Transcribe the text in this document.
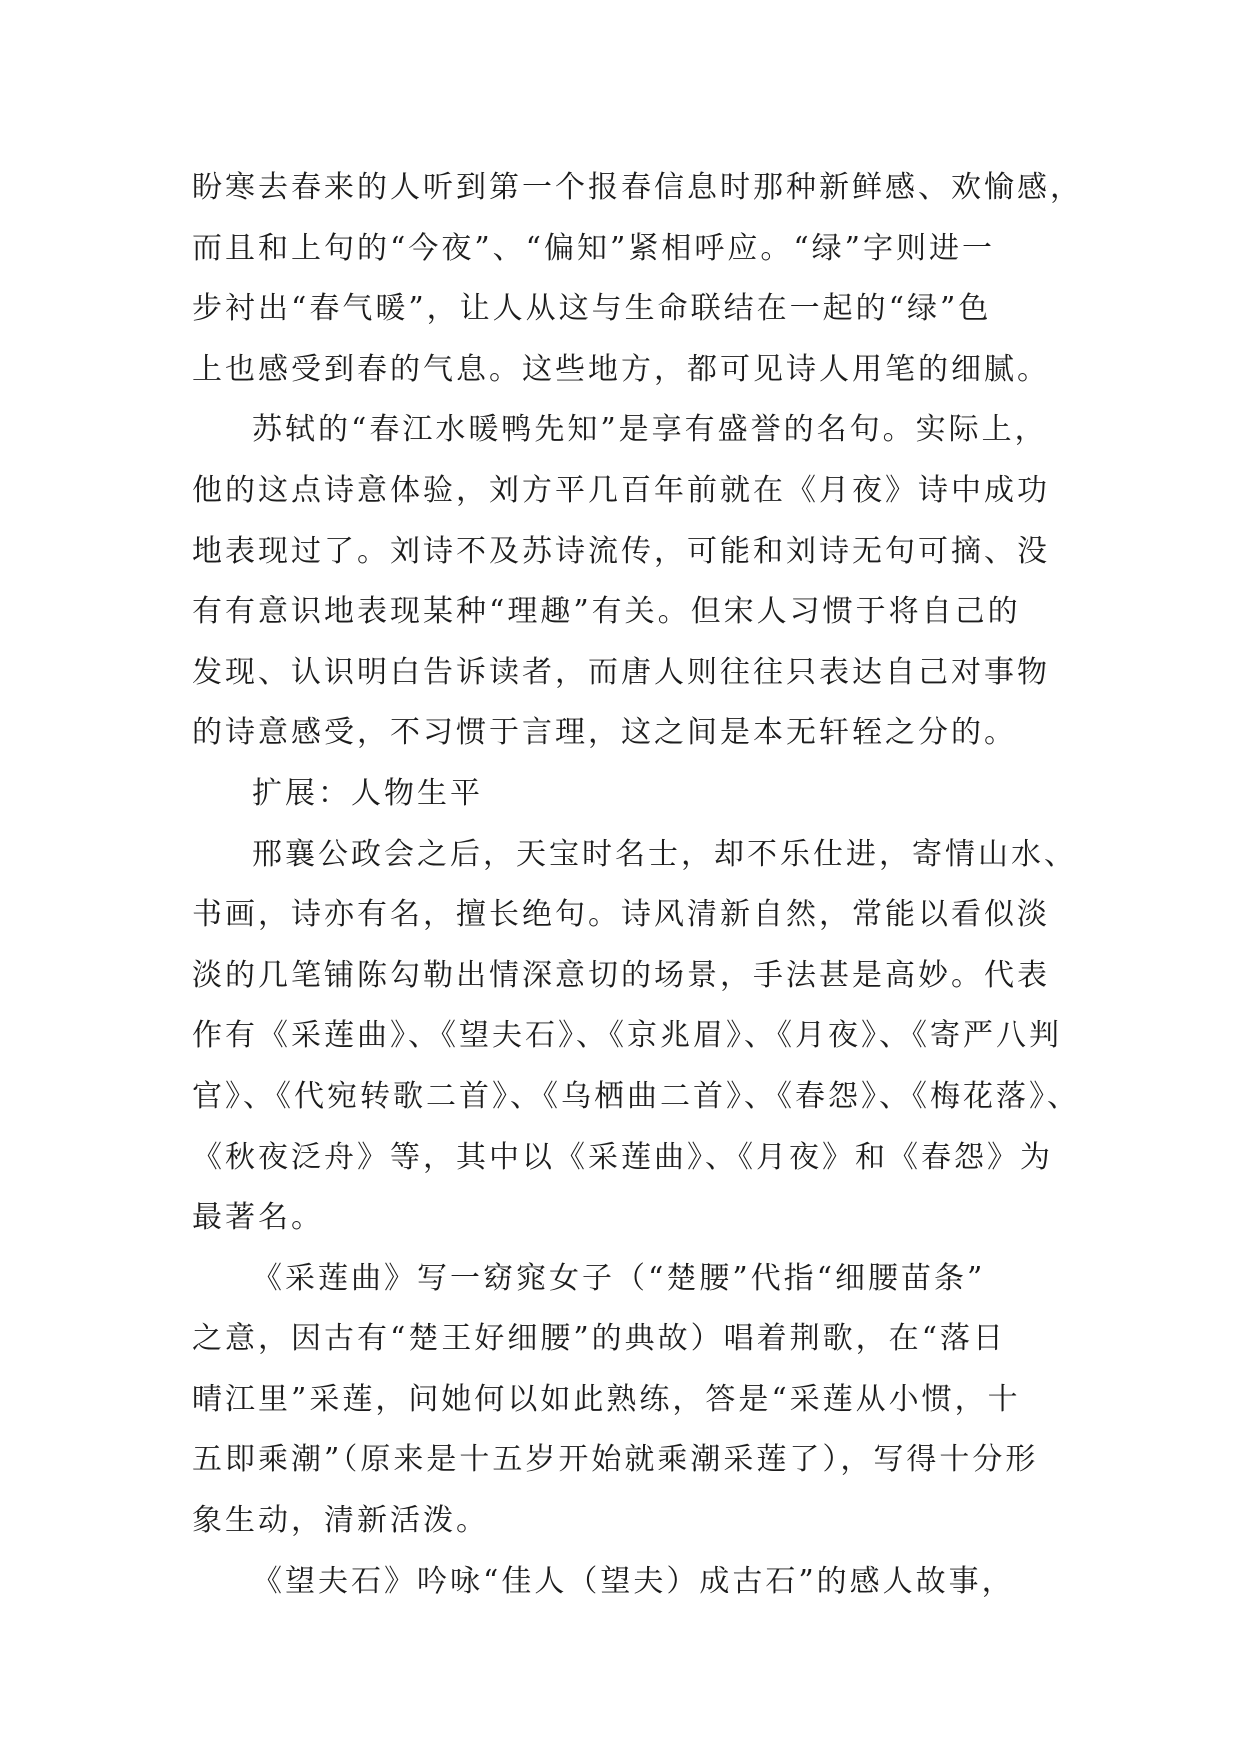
盼寒去春来的人听到第一个报春信息时那种新鲜感、欢愉感，
而且和上句的“今夜”、“偏知”紧相呼应。“绿”字则进一
步衬出“春气暖”，让人从这与生命联结在一起的“绿”色
上也感受到春的气息。这些地方，都可见诗人用笔的细腻。
苏轼的“春江水暖鸭先知”是享有盛誉的名句。实际上，
他的这点诗意体验，刘方平几百年前就在《月夜》诗中成功
地表现过了。刘诗不及苏诗流传，可能和刘诗无句可摘、没
有有意识地表现某种“理趣”有关。但宋人习惯于将自己的
发现、认识明白告诉读者，而唐人则往往只表达自己对事物
的诗意感受，不习惯于言理，这之间是本无轩轾之分的。
扩展：人物生平
邢襄公政会之后，天宝时名士，却不乐仕进，寄情山水、
书画，诗亦有名，擅长绝句。诗风清新自然，常能以看似淡
淡的几笔铺陈勾勒出情深意切的场景，手法甚是高妙。代表
作有《采莲曲》、《望夫石》、《京兆眉》、《月夜》、《寄严八判
官》、《代宛转歌二首》、《乌栖曲二首》、《春怨》、《梅花落》、
《秋夜泛舟》等，其中以《采莲曲》、《月夜》和《春怨》为
最著名。
《采莲曲》写一窈窕女子（“楚腰”代指“细腰苗条”
之意，因古有“楚王好细腰”的典故）唱着荆歌，在“落日
晴江里”采莲，问她何以如此熟练，答是“采莲从小惯，十
五即乘潮”（原来是十五岁开始就乘潮采莲了），写得十分形
象生动，清新活泼。
《望夫石》吟咏“佳人（望夫）成古石”的感人故事，
